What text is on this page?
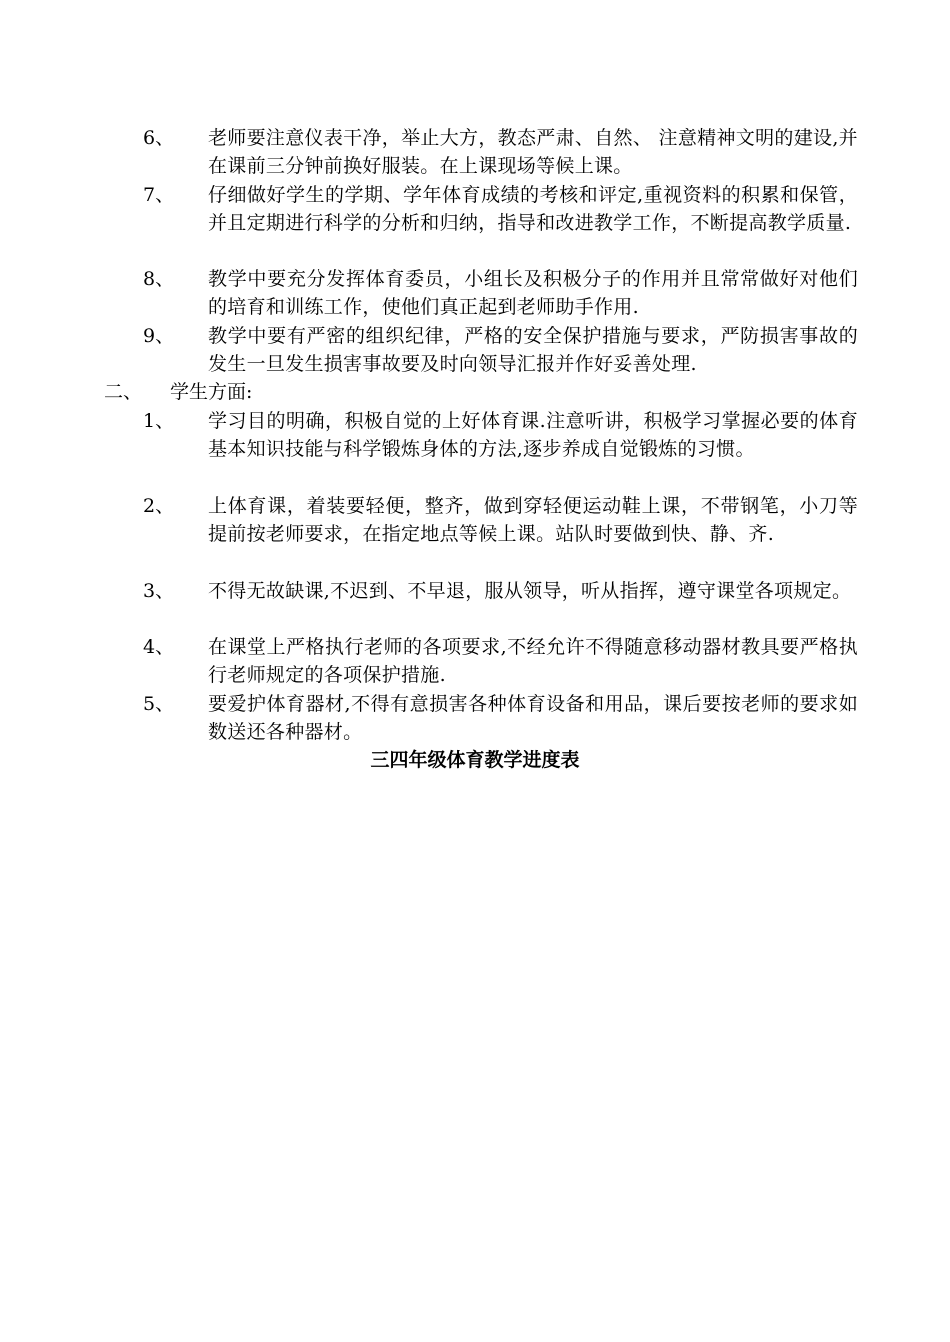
6、 老师要注意仪表干净，举止大方，教态严肃、自然、 注意精神文明的建设,并在课前三分钟前换好服装。在上课现场等候上课。
7、 仔细做好学生的学期、学年体育成绩的考核和评定,重视资料的积累和保管，并且定期进行科学的分析和归纳，指导和改进教学工作，不断提高教学质量.
8、 教学中要充分发挥体育委员，小组长及积极分子的作用并且常常做好对他们的培育和训练工作，使他们真正起到老师助手作用.
9、 教学中要有严密的组织纪律，严格的安全保护措施与要求，严防损害事故的发生一旦发生损害事故要及时向领导汇报并作好妥善处理.
二、 学生方面:
1、 学习目的明确，积极自觉的上好体育课.注意听讲，积极学习掌握必要的体育基本知识技能与科学锻炼身体的方法,逐步养成自觉锻炼的习惯。
2、 上体育课，着装要轻便，整齐，做到穿轻便运动鞋上课，不带钢笔，小刀等提前按老师要求，在指定地点等候上课。站队时要做到快、静、齐.
3、 不得无故缺课,不迟到、不早退，服从领导，听从指挥，遵守课堂各项规定。
4、 在课堂上严格执行老师的各项要求,不经允许不得随意移动器材教具要严格执行老师规定的各项保护措施.
5、 要爱护体育器材,不得有意损害各种体育设备和用品，课后要按老师的要求如数送还各种器材。
三四年级体育教学进度表
